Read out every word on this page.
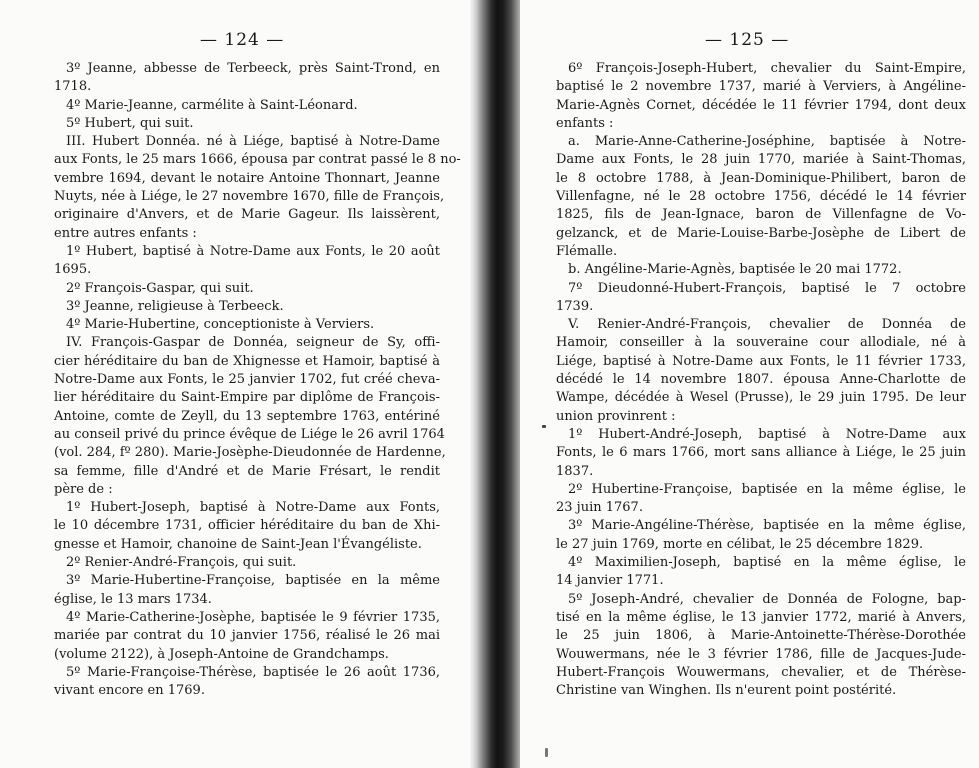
— 124 —
3º Jeanne, abbesse de Terbeeck, près Saint-Trond, en
1718.
4º Marie-Jeanne, carmélite à Saint-Léonard.
5º Hubert, qui suit.
III. Hubert Donnéa. né à Liége, baptisé à Notre-Dame
aux Fonts, le 25 mars 1666, épousa par contrat passé le 8 no-
vembre 1694, devant le notaire Antoine Thonnart, Jeanne
Nuyts, née à Liége, le 27 novembre 1670, fille de François,
originaire d'Anvers, et de Marie Gageur. Ils laissèrent,
entre autres enfants :
1º Hubert, baptisé à Notre-Dame aux Fonts, le 20 août
1695.
2º François-Gaspar, qui suit.
3º Jeanne, religieuse à Terbeeck.
4º Marie-Hubertine, conceptioniste à Verviers.
IV. François-Gaspar de Donnéa, seigneur de Sy, offi-
cier héréditaire du ban de Xhignesse et Hamoir, baptisé à
Notre-Dame aux Fonts, le 25 janvier 1702, fut créé cheva-
lier héréditaire du Saint-Empire par diplôme de François-
Antoine, comte de Zeyll, du 13 septembre 1763, entériné
au conseil privé du prince évêque de Liége le 26 avril 1764
(vol. 284, fº 280). Marie-Josèphe-Dieudonnée de Hardenne,
sa femme, fille d'André et de Marie Frésart, le rendit
père de :
1º Hubert-Joseph, baptisé à Notre-Dame aux Fonts,
le 10 décembre 1731, officier héréditaire du ban de Xhi-
gnesse et Hamoir, chanoine de Saint-Jean l'Évangéliste.
2º Renier-André-François, qui suit.
3º Marie-Hubertine-Françoise, baptisée en la même
église, le 13 mars 1734.
4º Marie-Catherine-Josèphe, baptisée le 9 février 1735,
mariée par contrat du 10 janvier 1756, réalisé le 26 mai
(volume 2122), à Joseph-Antoine de Grandchamps.
5º Marie-Françoise-Thérèse, baptisée le 26 août 1736,
vivant encore en 1769.
— 125 —
6º François-Joseph-Hubert, chevalier du Saint-Empire,
baptisé le 2 novembre 1737, marié à Verviers, à Angéline-
Marie-Agnès Cornet, décédée le 11 février 1794, dont deux
enfants :
a. Marie-Anne-Catherine-Joséphine, baptisée à Notre-
Dame aux Fonts, le 28 juin 1770, mariée à Saint-Thomas,
le 8 octobre 1788, à Jean-Dominique-Philibert, baron de
Villenfagne, né le 28 octobre 1756, décédé le 14 février
1825, fils de Jean-Ignace, baron de Villenfagne de Vo-
gelzanck, et de Marie-Louise-Barbe-Josèphe de Libert de
Flémalle.
b. Angéline-Marie-Agnès, baptisée le 20 mai 1772.
7º Dieudonné-Hubert-François, baptisé le 7 octobre
1739.
V. Renier-André-François, chevalier de Donnéa de
Hamoir, conseiller à la souveraine cour allodiale, né à
Liége, baptisé à Notre-Dame aux Fonts, le 11 février 1733,
décédé le 14 novembre 1807. épousa Anne-Charlotte de
Wampe, décédée à Wesel (Prusse), le 29 juin 1795. De leur
union provinrent :
1º Hubert-André-Joseph, baptisé à Notre-Dame aux
Fonts, le 6 mars 1766, mort sans alliance à Liége, le 25 juin
1837.
2º Hubertine-Françoise, baptisée en la même église, le
23 juin 1767.
3º Marie-Angéline-Thérèse, baptisée en la même église,
le 27 juin 1769, morte en célibat, le 25 décembre 1829.
4º Maximilien-Joseph, baptisé en la même église, le
14 janvier 1771.
5º Joseph-André, chevalier de Donnéa de Fologne, bap-
tisé en la même église, le 13 janvier 1772, marié à Anvers,
le 25 juin 1806, à Marie-Antoinette-Thérèse-Dorothée
Wouwermans, née le 3 février 1786, fille de Jacques-Jude-
Hubert-François Wouwermans, chevalier, et de Thérèse-
Christine van Winghen. Ils n'eurent point postérité.
